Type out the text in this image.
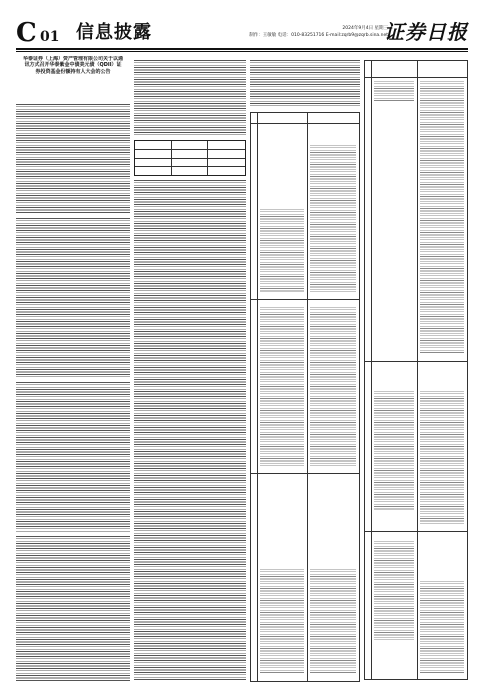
C 01 信息披露	2024年9月4日 星期三
制作：王敏敏 电话：010-83251716 E-mail:zqrb9@zqrb.sina.net
证券日报
华泰证券（上海）资产管理有限公司关于以通讯方式召开华泰紫金中债美元债（QDII）证券投资基金份额持有人大会的公告
